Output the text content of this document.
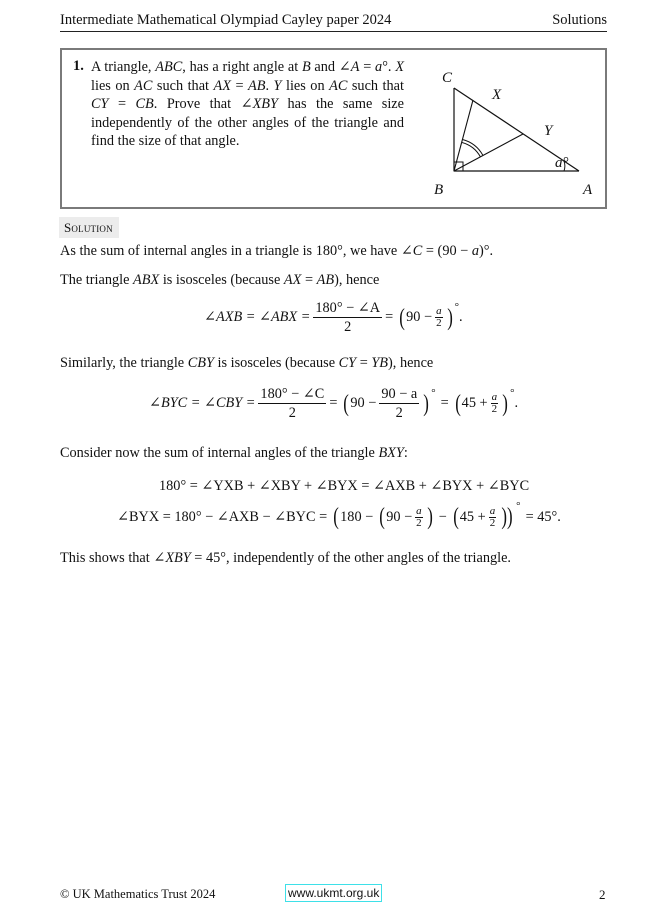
Intermediate Mathematical Olympiad Cayley paper 2024	Solutions
1. A triangle, ABC, has a right angle at B and ∠A = a°. X lies on AC such that AX = AB. Y lies on AC such that CY = CB. Prove that ∠XBY has the same size independently of the other angles of the triangle and find the size of that angle.
C
X
Y
B	A
a°
Solution
As the sum of internal angles in a triangle is 180°, we have ∠C = (90 − a)°.
The triangle ABX is isosceles (because AX = AB), hence
∠AXB = ∠ABX = $\frac{180^\circ - \angle A}{2}$ = ( $90 - \frac{a}{2}$ ) °
.
Similarly, the triangle CBY is isosceles (because CY = YB), hence
∠BYC = ∠CBY = $\frac{180^\circ - \angle C}{2}$ = ( $90 - \frac{90 - a}{2}$ ) °
= ( $45 + \frac{a}{2}$ ) °
.
Consider now the sum of internal angles of the triangle BXY:
180° = ∠YXB + ∠XBY + ∠BYX = ∠AXB + ∠BYX + ∠BYC
∠BYX = 180° − ∠AXB − ∠BYC = ( 180 − ( $90 - \frac{a}{2}$ ) − ( $45 + \frac{a}{2}$ )) °
= 45°.
This shows that ∠XBY = 45°, independently of the other angles of the triangle.
© UK Mathematics Trust 2024	www.ukmt.org.uk	2
